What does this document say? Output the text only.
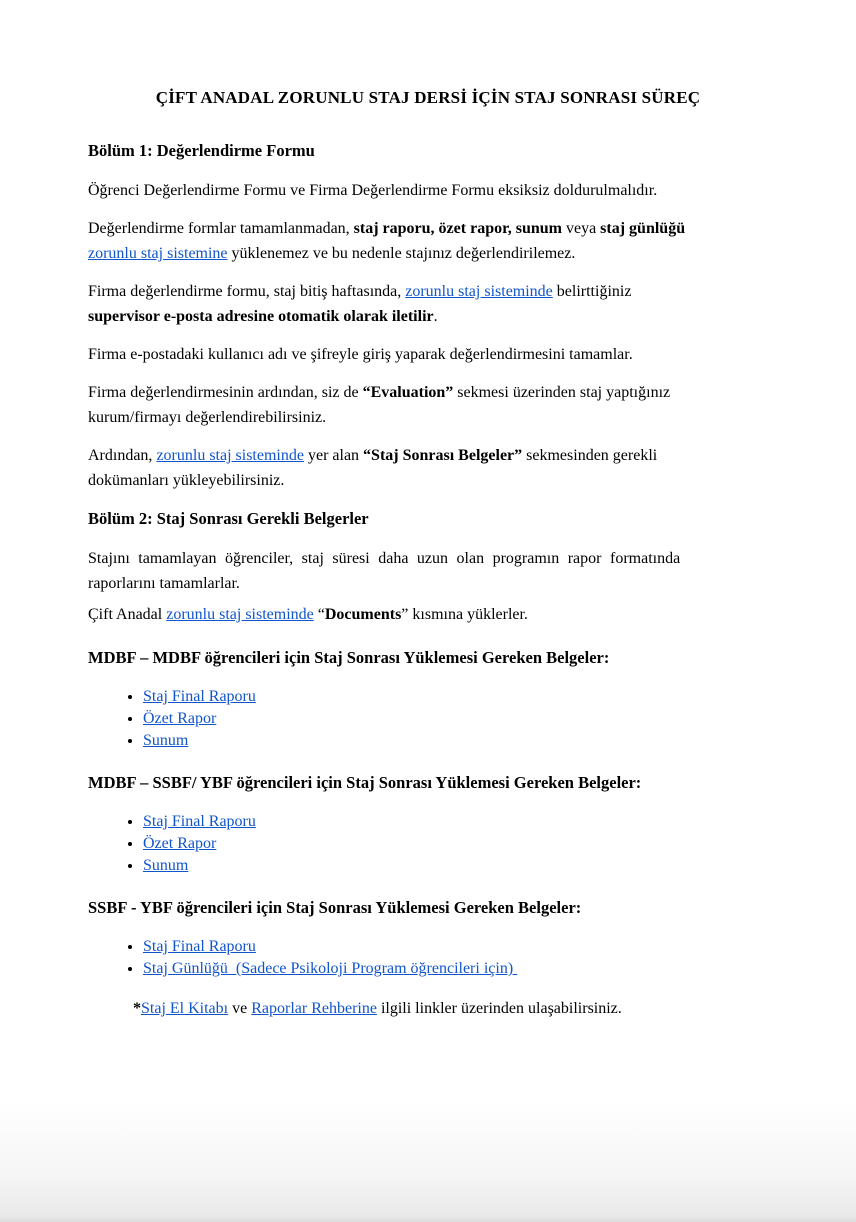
ÇİFT ANADAL ZORUNLU STAJ DERSİ İÇİN STAJ SONRASI SÜREÇ
Bölüm 1: Değerlendirme Formu

Öğrenci Değerlendirme Formu ve Firma Değerlendirme Formu eksiksiz doldurulmalıdır.

Değerlendirme formlar tamamlanmadan, staj raporu, özet rapor, sunum veya staj günlüğü
zorunlu staj sistemine yüklenemez ve bu nedenle stajınız değerlendirilemez.

Firma değerlendirme formu, staj bitiş haftasında, zorunlu staj sisteminde belirttiğiniz
supervisor e-posta adresine otomatik olarak iletilir.

Firma e-postadaki kullanıcı adı ve şifreyle giriş yaparak değerlendirmesini tamamlar.

Firma değerlendirmesinin ardından, siz de “Evaluation” sekmesi üzerinden staj yaptığınız
kurum/firmayı değerlendirebilirsiniz.

Ardından, zorunlu staj sisteminde yer alan “Staj Sonrası Belgeler” sekmesinden gerekli
dokümanları yükleyebilirsiniz.

Bölüm 2: Staj Sonrası Gerekli Belgerler

Stajını tamamlayan öğrenciler, staj süresi daha uzun olan programın rapor formatında
raporlarını tamamlarlar.

Çift Anadal zorunlu staj sisteminde “Documents” kısmına yüklerler.

MDBF – MDBF öğrencileri için Staj Sonrası Yüklemesi Gereken Belgeler:
• Staj Final Raporu
• Özet Rapor
• Sunum
MDBF – SSBF/ YBF öğrencileri için Staj Sonrası Yüklemesi Gereken Belgeler:
• Staj Final Raporu
• Özet Rapor
• Sunum
SSBF - YBF öğrencileri için Staj Sonrası Yüklemesi Gereken Belgeler:
• Staj Final Raporu
• Staj Günlüğü  (Sadece Psikoloji Program öğrencileri için)

*Staj El Kitabı ve Raporlar Rehberine ilgili linkler üzerinden ulaşabilirsiniz.
